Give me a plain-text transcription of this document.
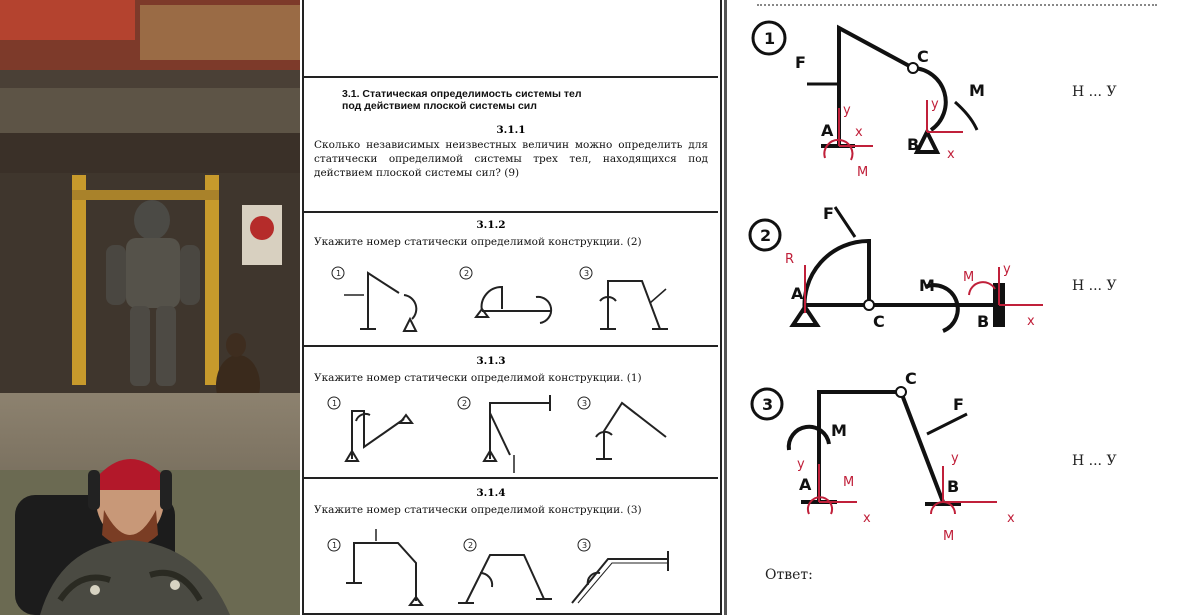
3.1. Статическая определимость системы тел
под действием плоской системы сил
3.1.1
Сколько независимых неизвестных величин можно определить для статически определимой системы трех тел, находящихся под действием плоской системы сил? (9)
3.1.2
Укажите номер статически определимой конструкции. (2)
1	2	3
3.1.3
Укажите номер статически определимой конструкции. (1)
1	2	3
3.1.4
Укажите номер статически определимой конструкции. (3)
1	2	3
y
x
y
x
M
1
F	C
M
A
B
Н ... У
R
y
x
M
2
F
A
C
M
B
Н ... У
y
M
x
y
x
M
3
M
C
F
A	B
Н ... У
Ответ:
